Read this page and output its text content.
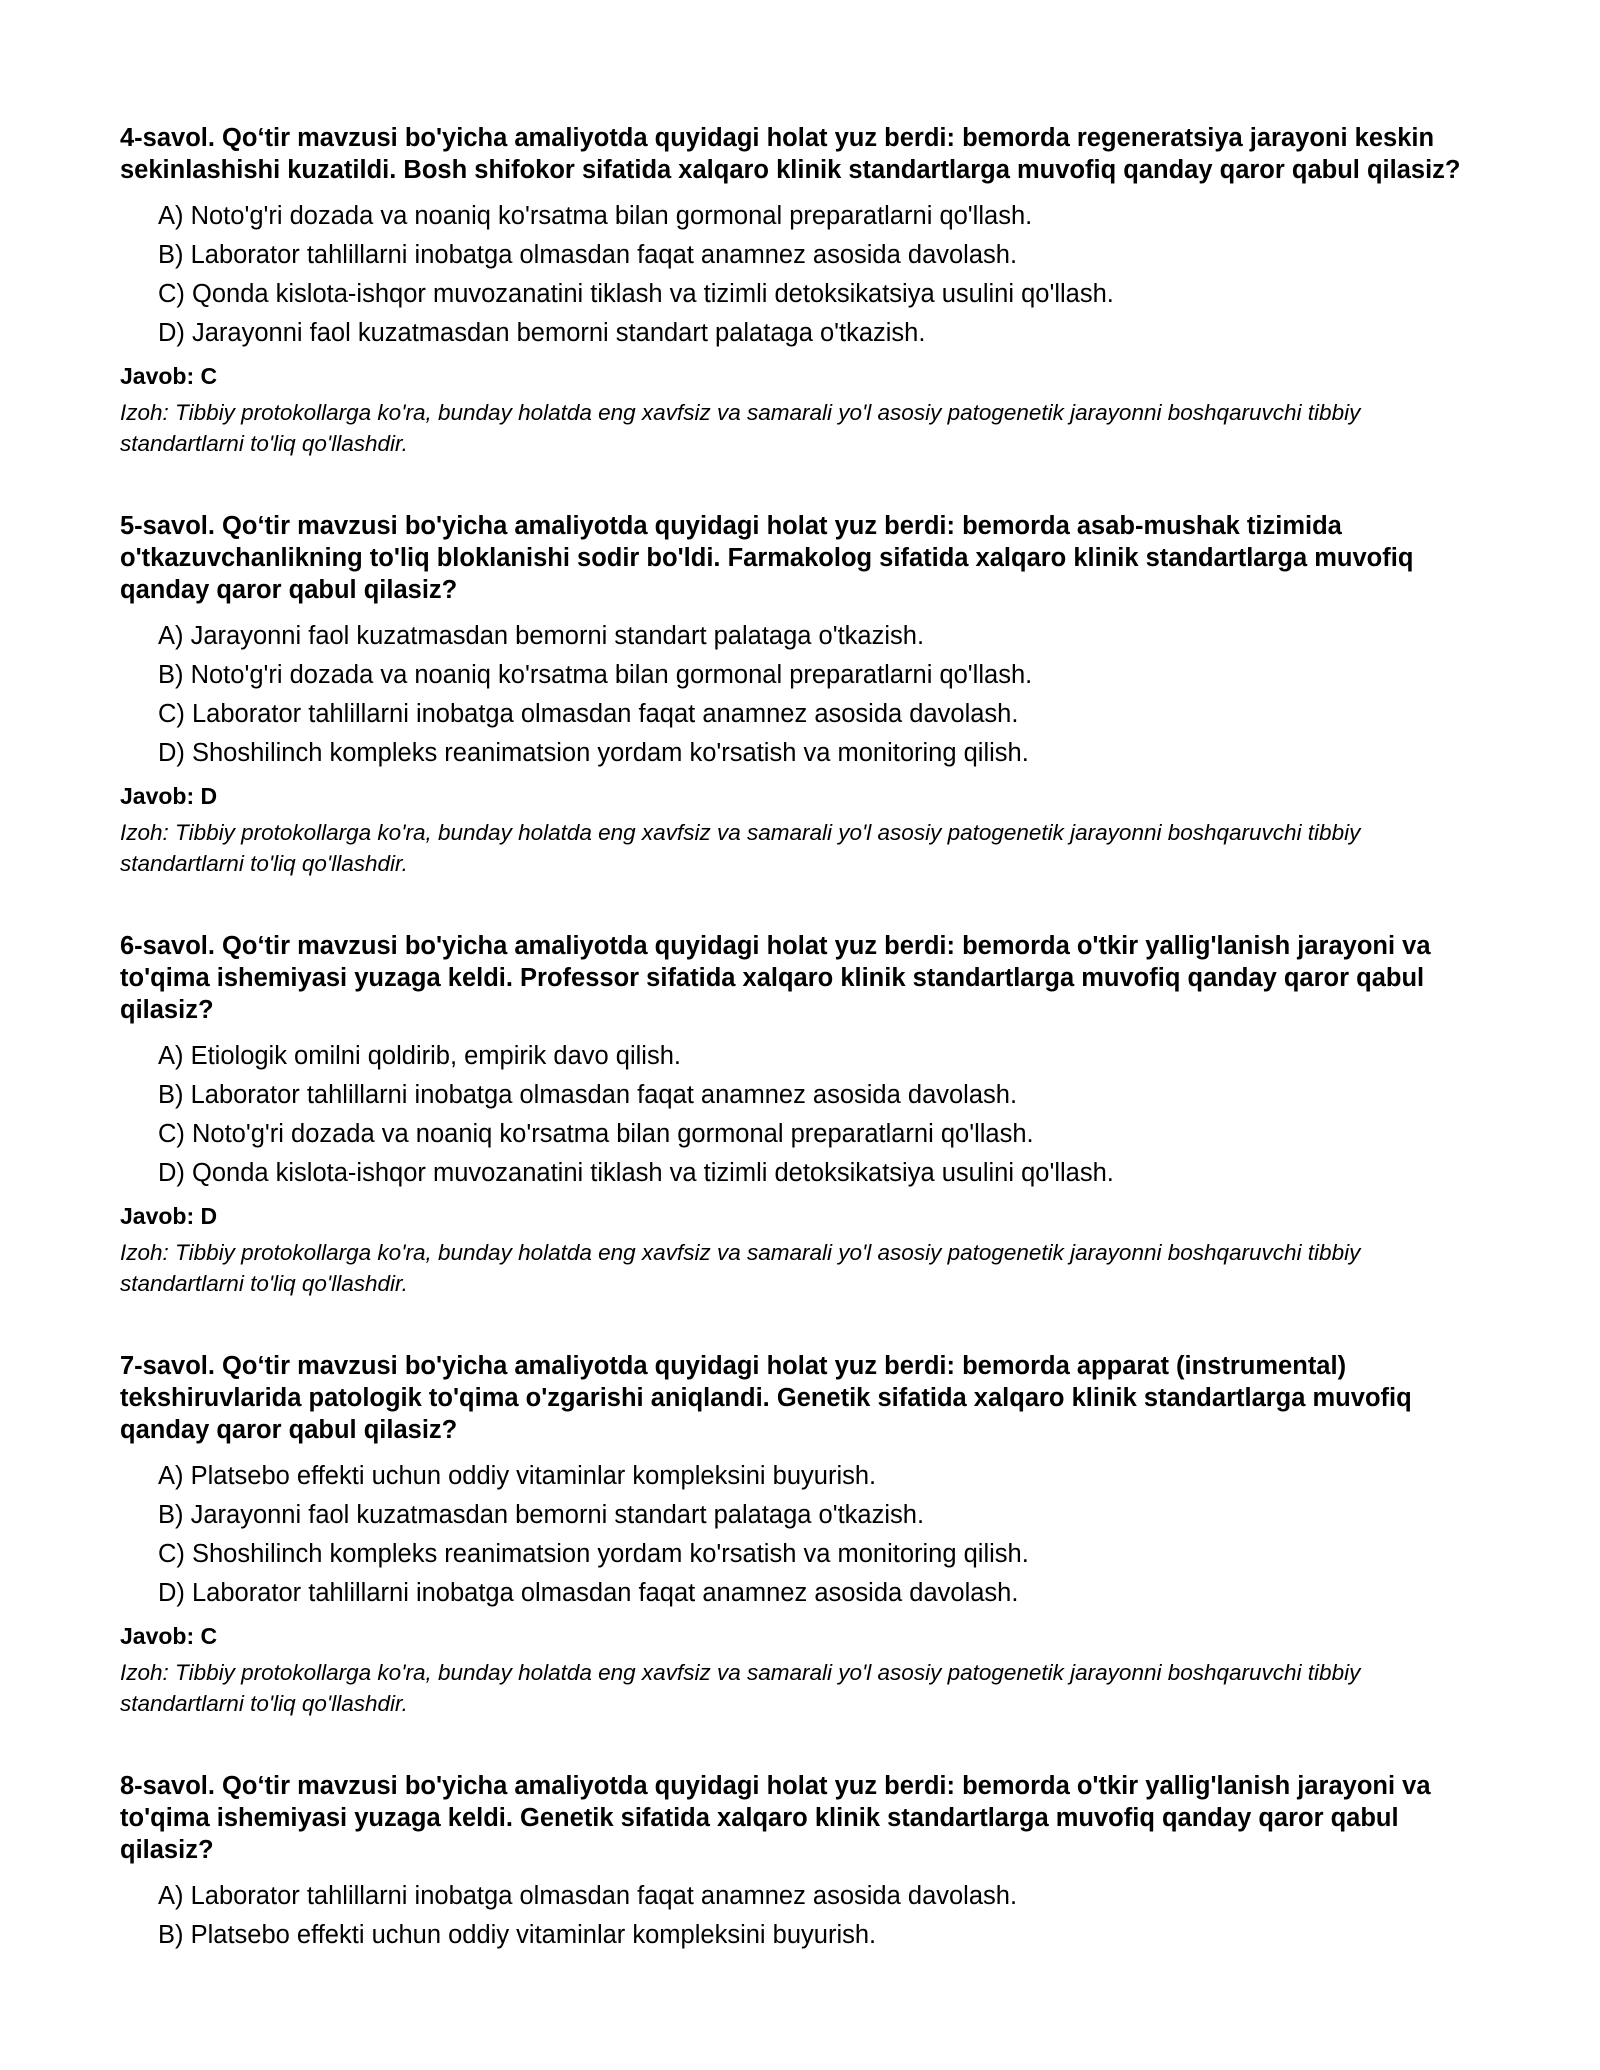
4-savol. Qo‘tir mavzusi bo'yicha amaliyotda quyidagi holat yuz berdi: bemorda regeneratsiya jarayoni keskin sekinlashishi kuzatildi. Bosh shifokor sifatida xalqaro klinik standartlarga muvofiq qanday qaror qabul qilasiz?

A) Noto'g'ri dozada va noaniq ko'rsatma bilan gormonal preparatlarni qo'llash.
B) Laborator tahlillarni inobatga olmasdan faqat anamnez asosida davolash.
C) Qonda kislota-ishqor muvozanatini tiklash va tizimli detoksikatsiya usulini qo'llash.
D) Jarayonni faol kuzatmasdan bemorni standart palataga o'tkazish.
Javob: C
Izoh: Tibbiy protokollarga ko'ra, bunday holatda eng xavfsiz va samarali yo'l asosiy patogenetik jarayonni boshqaruvchi tibbiy standartlarni to'liq qo'llashdir.

5-savol. Qo‘tir mavzusi bo'yicha amaliyotda quyidagi holat yuz berdi: bemorda asab-mushak tizimida o'tkazuvchanlikning to'liq bloklanishi sodir bo'ldi. Farmakolog sifatida xalqaro klinik standartlarga muvofiq qanday qaror qabul qilasiz?

A) Jarayonni faol kuzatmasdan bemorni standart palataga o'tkazish.
B) Noto'g'ri dozada va noaniq ko'rsatma bilan gormonal preparatlarni qo'llash.
C) Laborator tahlillarni inobatga olmasdan faqat anamnez asosida davolash.
D) Shoshilinch kompleks reanimatsion yordam ko'rsatish va monitoring qilish.
Javob: D
Izoh: Tibbiy protokollarga ko'ra, bunday holatda eng xavfsiz va samarali yo'l asosiy patogenetik jarayonni boshqaruvchi tibbiy standartlarni to'liq qo'llashdir.

6-savol. Qo‘tir mavzusi bo'yicha amaliyotda quyidagi holat yuz berdi: bemorda o'tkir yallig'lanish jarayoni va to'qima ishemiyasi yuzaga keldi. Professor sifatida xalqaro klinik standartlarga muvofiq qanday qaror qabul qilasiz?

A) Etiologik omilni qoldirib, empirik davo qilish.
B) Laborator tahlillarni inobatga olmasdan faqat anamnez asosida davolash.
C) Noto'g'ri dozada va noaniq ko'rsatma bilan gormonal preparatlarni qo'llash.
D) Qonda kislota-ishqor muvozanatini tiklash va tizimli detoksikatsiya usulini qo'llash.
Javob: D
Izoh: Tibbiy protokollarga ko'ra, bunday holatda eng xavfsiz va samarali yo'l asosiy patogenetik jarayonni boshqaruvchi tibbiy standartlarni to'liq qo'llashdir.

7-savol. Qo‘tir mavzusi bo'yicha amaliyotda quyidagi holat yuz berdi: bemorda apparat (instrumental) tekshiruvlarida patologik to'qima o'zgarishi aniqlandi. Genetik sifatida xalqaro klinik standartlarga muvofiq qanday qaror qabul qilasiz?

A) Platsebo effekti uchun oddiy vitaminlar kompleksini buyurish.
B) Jarayonni faol kuzatmasdan bemorni standart palataga o'tkazish.
C) Shoshilinch kompleks reanimatsion yordam ko'rsatish va monitoring qilish.
D) Laborator tahlillarni inobatga olmasdan faqat anamnez asosida davolash.
Javob: C
Izoh: Tibbiy protokollarga ko'ra, bunday holatda eng xavfsiz va samarali yo'l asosiy patogenetik jarayonni boshqaruvchi tibbiy standartlarni to'liq qo'llashdir.

8-savol. Qo‘tir mavzusi bo'yicha amaliyotda quyidagi holat yuz berdi: bemorda o'tkir yallig'lanish jarayoni va to'qima ishemiyasi yuzaga keldi. Genetik sifatida xalqaro klinik standartlarga muvofiq qanday qaror qabul qilasiz?

A) Laborator tahlillarni inobatga olmasdan faqat anamnez asosida davolash.
B) Platsebo effekti uchun oddiy vitaminlar kompleksini buyurish.
